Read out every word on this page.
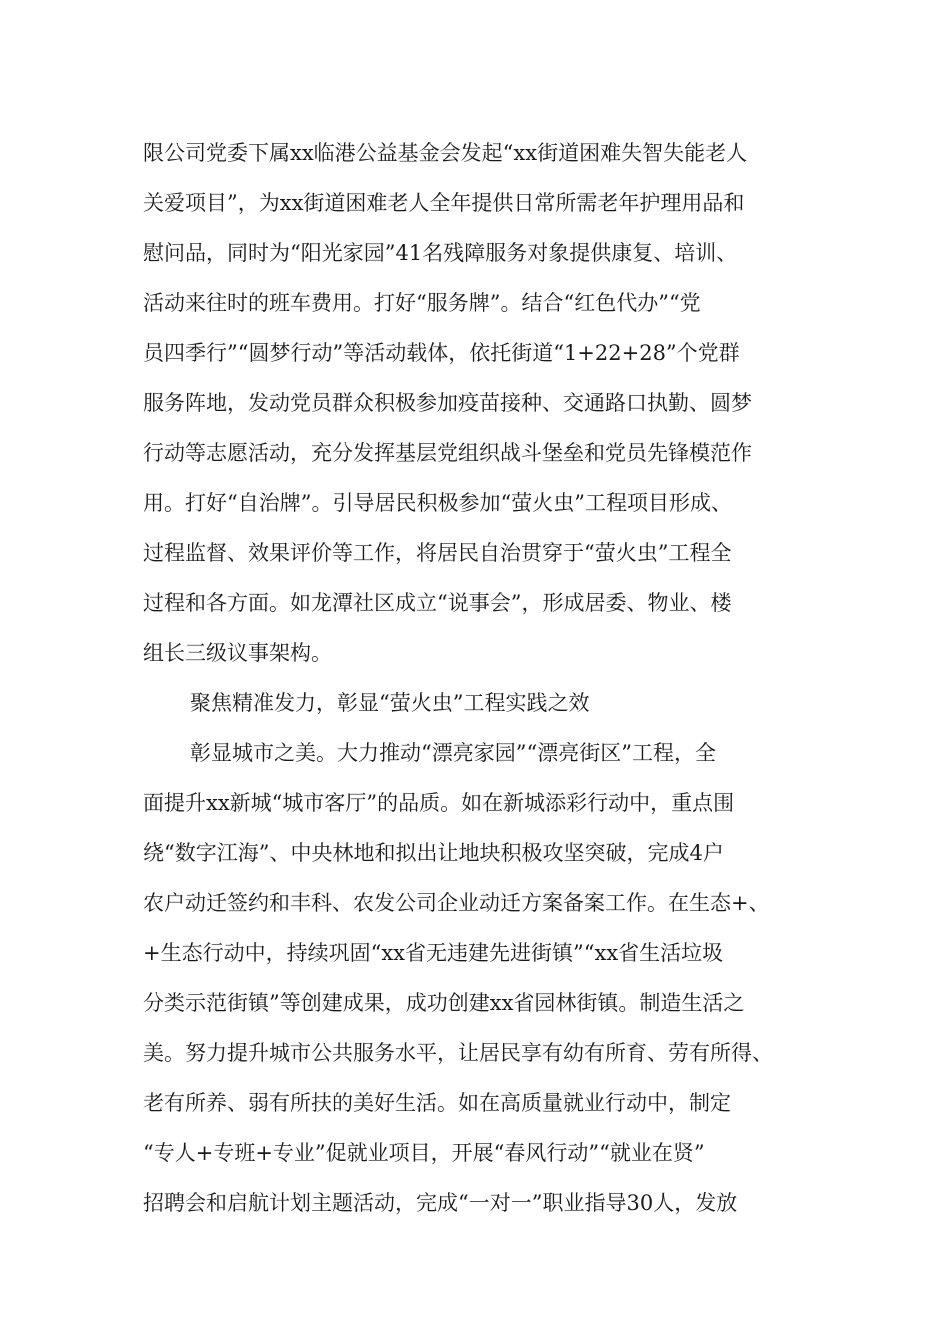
限公司党委下属xx临港公益基金会发起“xx街道困难失智失能老人
关爱项目”，为xx街道困难老人全年提供日常所需老年护理用品和
慰问品，同时为“阳光家园”41名残障服务对象提供康复、培训、
活动来往时的班车费用。打好“服务牌”。结合“红色代办”“党
员四季行”“圆梦行动”等活动载体，依托街道“1+22+28”个党群
服务阵地，发动党员群众积极参加疫苗接种、交通路口执勤、圆梦
行动等志愿活动，充分发挥基层党组织战斗堡垒和党员先锋模范作
用。打好“自治牌”。引导居民积极参加“萤火虫”工程项目形成、
过程监督、效果评价等工作，将居民自治贯穿于“萤火虫”工程全
过程和各方面。如龙潭社区成立“说事会”，形成居委、物业、楼
组长三级议事架构。
聚焦精准发力，彰显“萤火虫”工程实践之效
彰显城市之美。大力推动“漂亮家园”“漂亮街区”工程，全
面提升xx新城“城市客厅”的品质。如在新城添彩行动中，重点围
绕“数字江海”、中央林地和拟出让地块积极攻坚突破，完成4户
农户动迁签约和丰科、农发公司企业动迁方案备案工作。在生态+、
+生态行动中，持续巩固“xx省无违建先进街镇”“xx省生活垃圾
分类示范街镇”等创建成果，成功创建xx省园林街镇。制造生活之
美。努力提升城市公共服务水平，让居民享有幼有所育、劳有所得、
老有所养、弱有所扶的美好生活。如在高质量就业行动中，制定
“专人+专班+专业”促就业项目，开展“春风行动”“就业在贤”
招聘会和启航计划主题活动，完成“一对一”职业指导30人，发放
